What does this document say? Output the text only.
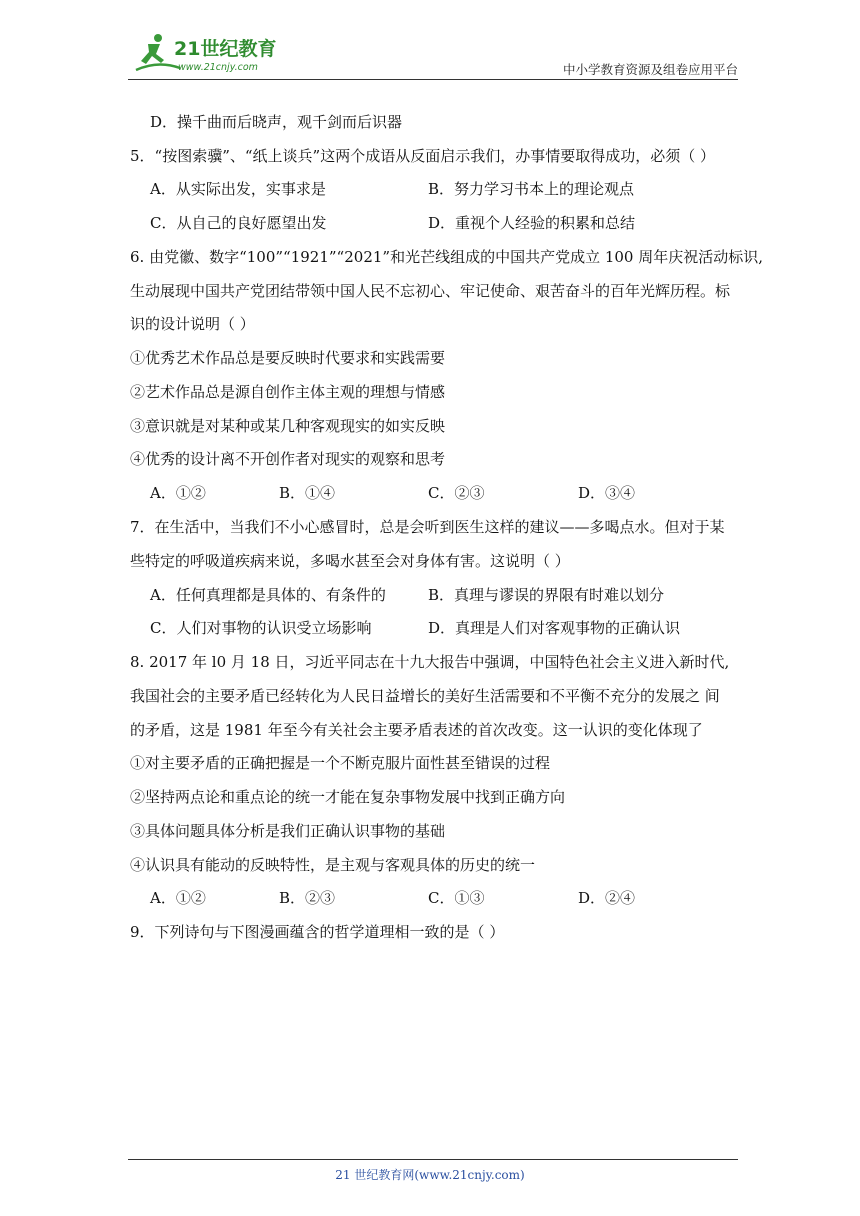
21世纪教育
www.21cnjy.com	中小学教育资源及组卷应用平台
D．操千曲而后晓声，观千剑而后识器
5．“按图索骥”、“纸上谈兵”这两个成语从反面启示我们，办事情要取得成功，必须（ ）
A．从实际出发，实事求是	B．努力学习书本上的理论观点
C．从自己的良好愿望出发	D．重视个人经验的积累和总结
6. 由党徽、数字“100”“1921”“2021”和光芒线组成的中国共产党成立 100 周年庆祝活动标识,
生动展现中国共产党团结带领中国人民不忘初心、牢记使命、艰苦奋斗的百年光辉历程。标
识的设计说明（ ）
①优秀艺术作品总是要反映时代要求和实践需要
②艺术作品总是源自创作主体主观的理想与情感
③意识就是对某种或某几种客观现实的如实反映
④优秀的设计离不开创作者对现实的观察和思考
A．①②	B．①④	C．②③	D．③④
7．在生活中，当我们不小心感冒时，总是会听到医生这样的建议——多喝点水。但对于某
些特定的呼吸道疾病来说，多喝水甚至会对身体有害。这说明（ ）
A．任何真理都是具体的、有条件的	B．真理与谬误的界限有时难以划分
C．人们对事物的认识受立场影响	D．真理是人们对客观事物的正确认识
8. 2017 年 l0 月 18 日，习近平同志在十九大报告中强调，中国特色社会主义进入新时代,
我国社会的主要矛盾已经转化为人民日益增长的美好生活需要和不平衡不充分的发展之 间
的矛盾，这是 1981 年至今有关社会主要矛盾表述的首次改变。这一认识的变化体现了
①对主要矛盾的正确把握是一个不断克服片面性甚至错误的过程
②坚持两点论和重点论的统一才能在复杂事物发展中找到正确方向
③具体问题具体分析是我们正确认识事物的基础
④认识具有能动的反映特性，是主观与客观具体的历史的统一
A．①②	B．②③	C．①③	D．②④
9．下列诗句与下图漫画蕴含的哲学道理相一致的是（ ）
21 世纪教育网(www.21cnjy.com)
